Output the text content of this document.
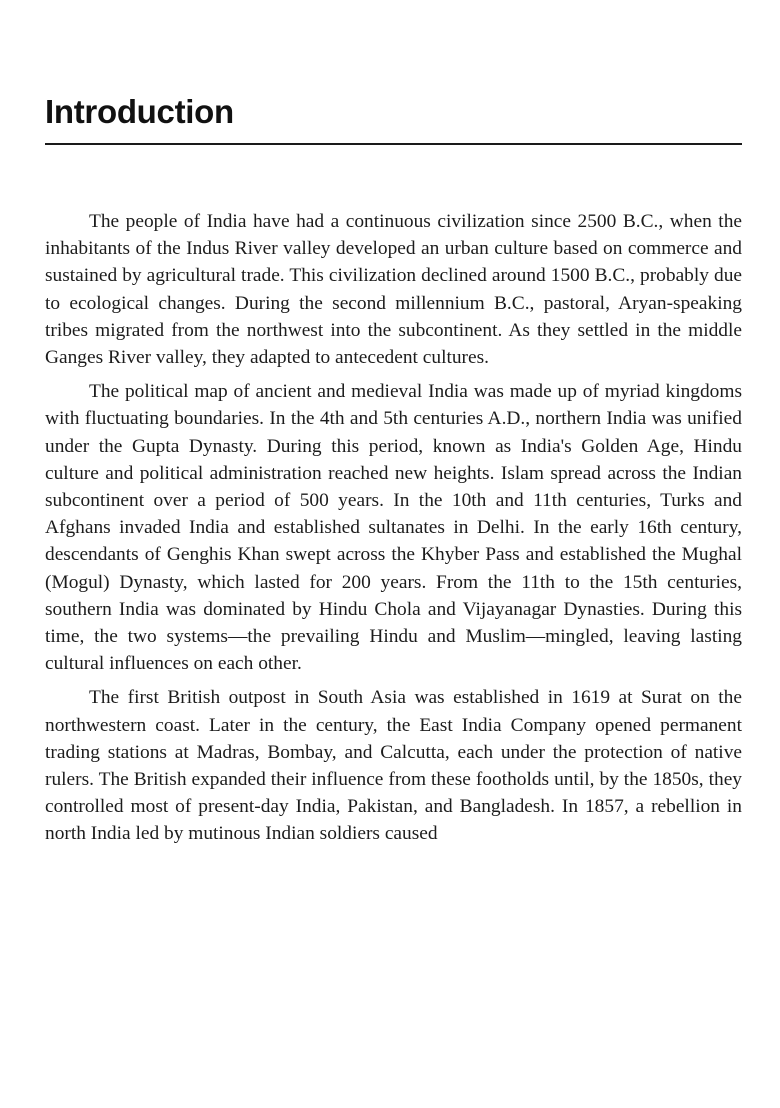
Introduction

The people of India have had a continuous civilization since 2500 B.C., when the inhabitants of the Indus River valley developed an urban culture based on commerce and sustained by agricultural trade. This civilization declined around 1500 B.C., probably due to ecological changes. During the second millennium B.C., pastoral, Aryan-speaking tribes migrated from the northwest into the subcontinent. As they settled in the middle Ganges River valley, they adapted to antecedent cultures.

The political map of ancient and medieval India was made up of myriad kingdoms with fluctuating boundaries. In the 4th and 5th centuries A.D., northern India was unified under the Gupta Dynasty. During this period, known as India's Golden Age, Hindu culture and political administration reached new heights. Islam spread across the Indian subcontinent over a period of 500 years. In the 10th and 11th centuries, Turks and Afghans invaded India and established sultanates in Delhi. In the early 16th century, descendants of Genghis Khan swept across the Khyber Pass and established the Mughal (Mogul) Dynasty, which lasted for 200 years. From the 11th to the 15th centuries, southern India was dominated by Hindu Chola and Vijayanagar Dynasties. During this time, the two systems—the prevailing Hindu and Muslim—mingled, leaving lasting cultural influences on each other.

The first British outpost in South Asia was established in 1619 at Surat on the northwestern coast. Later in the century, the East India Company opened permanent trading stations at Madras, Bombay, and Calcutta, each under the protection of native rulers. The British expanded their influence from these footholds until, by the 1850s, they controlled most of present-day India, Pakistan, and Bangladesh. In 1857, a rebellion in north India led by mutinous Indian soldiers caused
